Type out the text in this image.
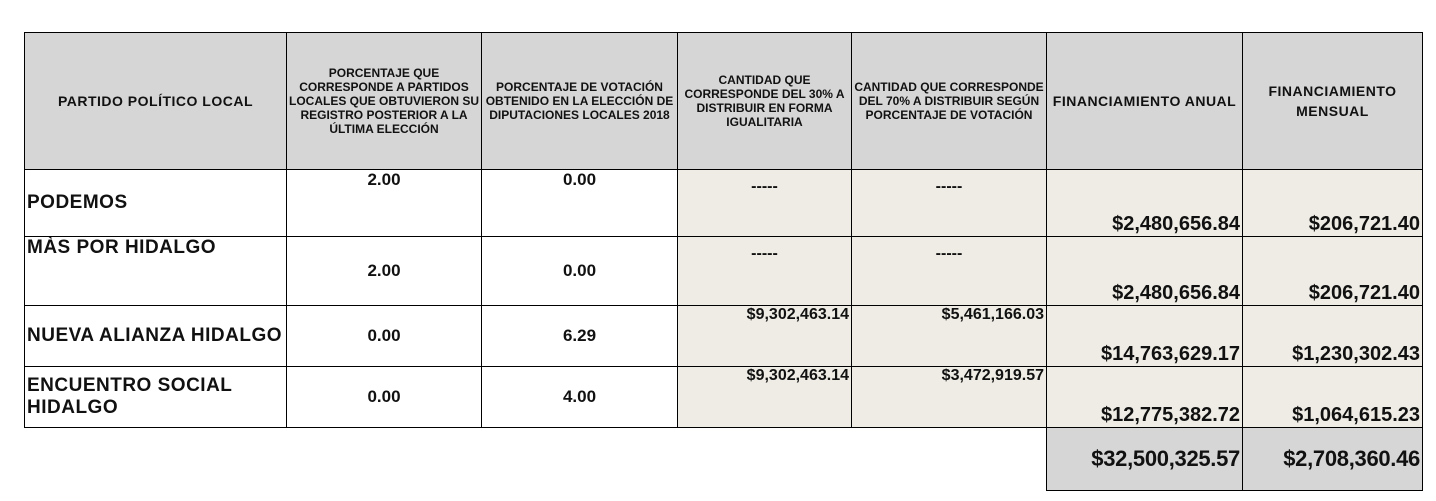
PARTIDO POLÍTICO LOCAL	PORCENTAJE QUE CORRESPONDE A PARTIDOS LOCALES QUE OBTUVIERON SU REGISTRO POSTERIOR A LA ÚLTIMA ELECCIÓN	PORCENTAJE DE VOTACIÓN OBTENIDO EN LA ELECCIÓN DE DIPUTACIONES LOCALES 2018	CANTIDAD QUE CORRESPONDE DEL 30% A DISTRIBUIR EN FORMA IGUALITARIA	CANTIDAD QUE CORRESPONDE DEL 70% A DISTRIBUIR SEGÚN PORCENTAJE DE VOTACIÓN	FINANCIAMIENTO ANUAL	FINANCIAMIENTO MENSUAL
PODEMOS	2.00	0.00	-----	-----	$2,480,656.84	$206,721.40
MÀS POR HIDALGO	2.00	0.00	-----	-----	$2,480,656.84	$206,721.40
NUEVA ALIANZA HIDALGO	0.00	6.29	$9,302,463.14	$5,461,166.03	$14,763,629.17	$1,230,302.43
ENCUENTRO SOCIAL HIDALGO	0.00	4.00	$9,302,463.14	$3,472,919.57	$12,775,382.72	$1,064,615.23
					$32,500,325.57	$2,708,360.46
